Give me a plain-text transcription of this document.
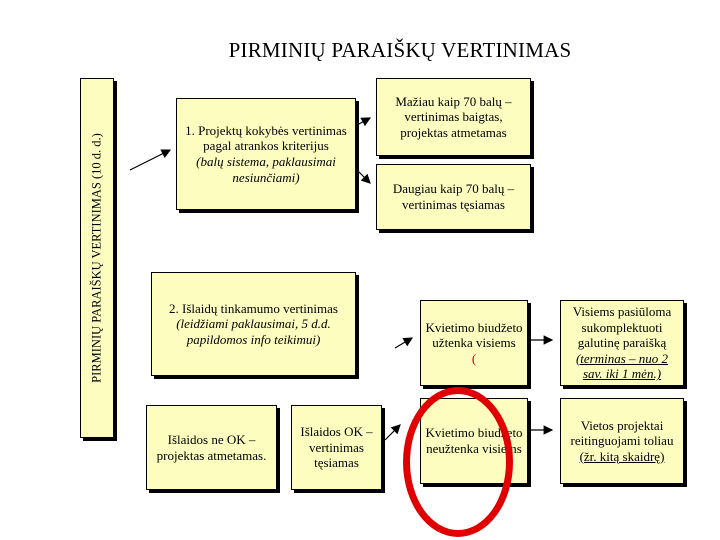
PIRMINIŲ PARAIŠKŲ VERTINIMAS
PIRMINIŲ PARAIŠKŲ VERTINIMAS (10 d. d.)
1. Projektų kokybės vertinimas pagal atrankos kriterijus
(balų sistema, paklausimai nesiunčiami)
Mažiau kaip 70 balų – vertinimas baigtas, projektas atmetamas
Daugiau kaip 70 balų – vertinimas tęsiamas
2. Išlaidų tinkamumo vertinimas
(leidžiami paklausimai, 5 d.d. papildomos info teikimui)
Išlaidos ne OK – projektas atmetamas.
Išlaidos OK – vertinimas tęsiamas
Kvietimo biudžeto užtenka visiems
(
Kvietimo biudžeto neužtenka visiems
Visiems pasiūloma sukomplektuoti galutinę paraišką
(terminas – nuo 2 sav. iki 1 mėn.)
Vietos projektai reitinguojami toliau
(žr. kitą skaidrę)
